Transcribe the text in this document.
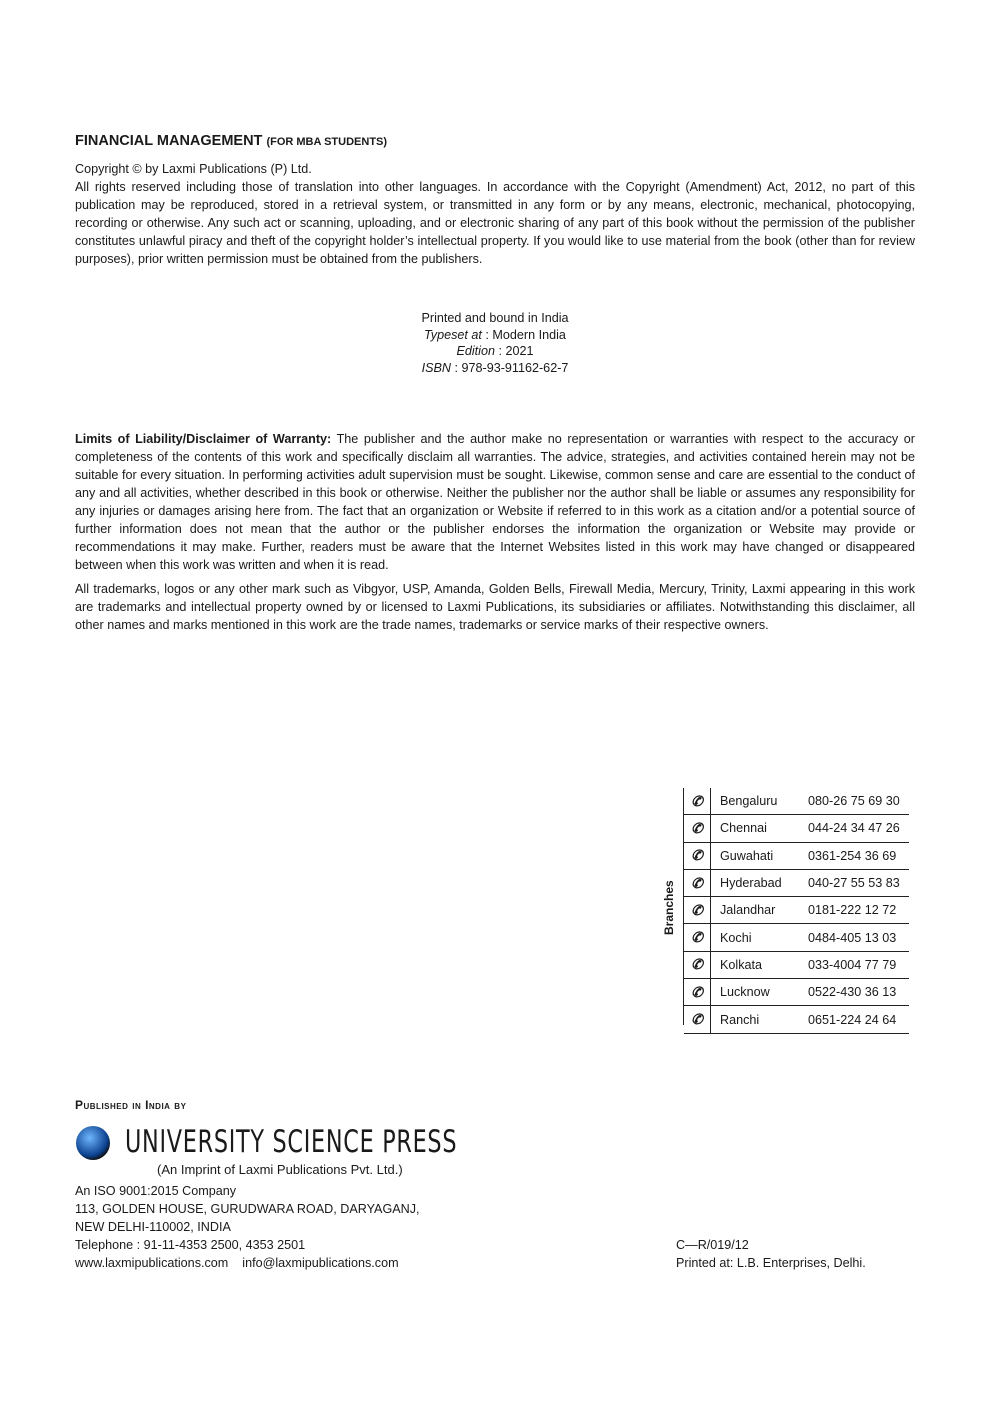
FINANCIAL MANAGEMENT (FOR MBA STUDENTS)
Copyright © by Laxmi Publications (P) Ltd.
All rights reserved including those of translation into other languages. In accordance with the Copyright (Amendment) Act, 2012, no part of this publication may be reproduced, stored in a retrieval system, or transmitted in any form or by any means, electronic, mechanical, photocopying, recording or otherwise. Any such act or scanning, uploading, and or electronic sharing of any part of this book without the permission of the publisher constitutes unlawful piracy and theft of the copyright holder’s intellectual property. If you would like to use material from the book (other than for review purposes), prior written permission must be obtained from the publishers.
Printed and bound in India
Typeset at : Modern India
Edition : 2021
ISBN : 978-93-91162-62-7
Limits of Liability/Disclaimer of Warranty: The publisher and the author make no representation or warranties with respect to the accuracy or completeness of the contents of this work and specifically disclaim all warranties. The advice, strategies, and activities contained herein may not be suitable for every situation. In performing activities adult supervision must be sought. Likewise, common sense and care are essential to the conduct of any and all activities, whether described in this book or otherwise. Neither the publisher nor the author shall be liable or assumes any responsibility for any injuries or damages arising here from. The fact that an organization or Website if referred to in this work as a citation and/or a potential source of further information does not mean that the author or the publisher endorses the information the organization or Website may provide or recommendations it may make. Further, readers must be aware that the Internet Websites listed in this work may have changed or disappeared between when this work was written and when it is read.
All trademarks, logos or any other mark such as Vibgyor, USP, Amanda, Golden Bells, Firewall Media, Mercury, Trinity, Laxmi appearing in this work are trademarks and intellectual property owned by or licensed to Laxmi Publications, its subsidiaries or affiliates. Notwithstanding this disclaimer, all other names and marks mentioned in this work are the trade names, trademarks or service marks of their respective owners.
Branches
✆	Bengaluru	080-26 75 69 30
✆	Chennai	044-24 34 47 26
✆	Guwahati	0361-254 36 69
✆	Hyderabad	040-27 55 53 83
✆	Jalandhar	0181-222 12 72
✆	Kochi	0484-405 13 03
✆	Kolkata	033-4004 77 79
✆	Lucknow	0522-430 36 13
✆	Ranchi	0651-224 24 64
Published in India by
UNIVERSITY SCIENCE PRESS
(An Imprint of Laxmi Publications Pvt. Ltd.)
An ISO 9001:2015 Company
113, GOLDEN HOUSE, GURUDWARA ROAD, DARYAGANJ,
NEW DELHI-110002, INDIA
Telephone : 91-11-4353 2500, 4353 2501
www.laxmipublications.com info@laxmipublications.com
C—R/019/12
Printed at: L.B. Enterprises, Delhi.
